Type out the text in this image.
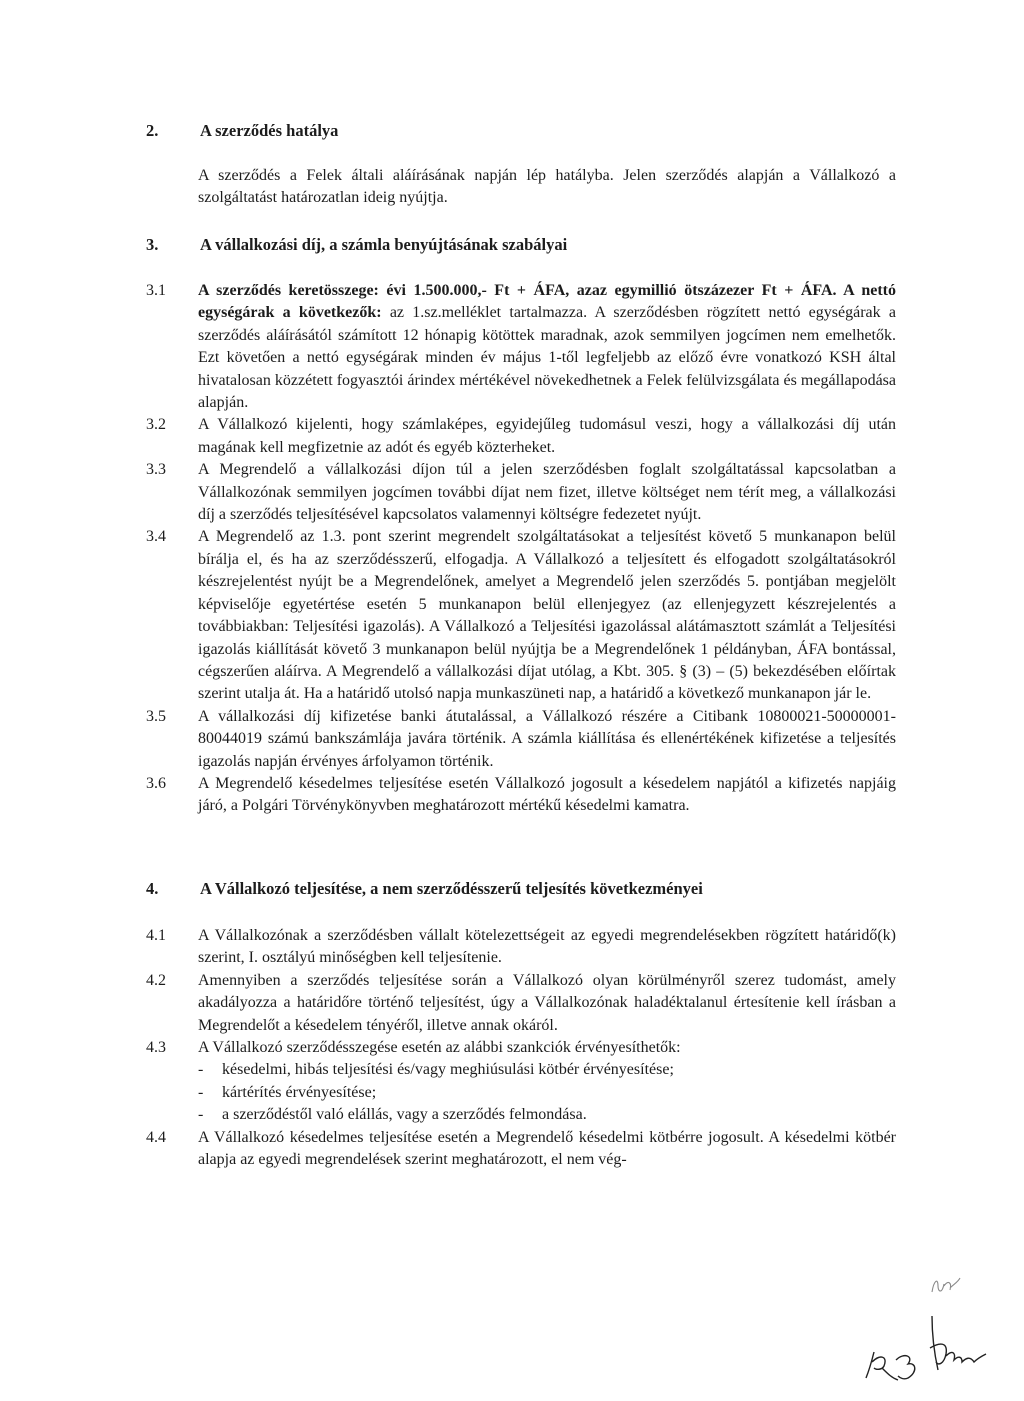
2.	A szerződés hatálya
A szerződés a Felek általi aláírásának napján lép hatályba. Jelen szerződés alapján a Vállalkozó a szolgáltatást határozatlan ideig nyújtja.
3.	A vállalkozási díj, a számla benyújtásának szabályai
3.1	A szerződés keretösszege: évi 1.500.000,- Ft + ÁFA, azaz egymillió ötszázezer Ft + ÁFA. A nettó egységárak a következők: az 1.sz.melléklet tartalmazza. A szerződésben rögzített nettó egységárak a szerződés aláírásától számított 12 hónapig kötöttek maradnak, azok semmilyen jogcímen nem emelhetők. Ezt követően a nettó egységárak minden év május 1-től legfeljebb az előző évre vonatkozó KSH által hivatalosan közzétett fogyasztói árindex mértékével növekedhetnek a Felek felülvizsgálata és megállapodása alapján.
3.2	A Vállalkozó kijelenti, hogy számlaképes, egyidejűleg tudomásul veszi, hogy a vállalkozási díj után magának kell megfizetnie az adót és egyéb közterheket.
3.3	A Megrendelő a vállalkozási díjon túl a jelen szerződésben foglalt szolgáltatással kapcsolatban a Vállalkozónak semmilyen jogcímen további díjat nem fizet, illetve költséget nem térít meg, a vállalkozási díj a szerződés teljesítésével kapcsolatos valamennyi költségre fedezetet nyújt.
3.4	A Megrendelő az 1.3. pont szerint megrendelt szolgáltatásokat a teljesítést követő 5 munkanapon belül bírálja el, és ha az szerződésszerű, elfogadja. A Vállalkozó a teljesített és elfogadott szolgáltatásokról készrejelentést nyújt be a Megrendelőnek, amelyet a Megrendelő jelen szerződés 5. pontjában megjelölt képviselője egyetértése esetén 5 munkanapon belül ellenjegyez (az ellenjegyzett készrejelentés a továbbiakban: Teljesítési igazolás). A Vállalkozó a Teljesítési igazolással alátámasztott számlát a Teljesítési igazolás kiállítását követő 3 munkanapon belül nyújtja be a Megrendelőnek 1 példányban, ÁFA bontással, cégszerűen aláírva. A Megrendelő a vállalkozási díjat utólag, a Kbt. 305. § (3) – (5) bekezdésében előírtak szerint utalja át. Ha a határidő utolsó napja munkaszüneti nap, a határidő a következő munkanapon jár le.
3.5	A vállalkozási díj kifizetése banki átutalással, a Vállalkozó részére a Citibank 10800021-50000001-80044019 számú bankszámlája javára történik. A számla kiállítása és ellenértékének kifizetése a teljesítés igazolás napján érvényes árfolyamon történik.
3.6	A Megrendelő késedelmes teljesítése esetén Vállalkozó jogosult a késedelem napjától a kifizetés napjáig járó, a Polgári Törvénykönyvben meghatározott mértékű késedelmi kamatra.
4.	A Vállalkozó teljesítése, a nem szerződésszerű teljesítés következményei
4.1	A Vállalkozónak a szerződésben vállalt kötelezettségeit az egyedi megrendelésekben rögzített határidő(k) szerint, I. osztályú minőségben kell teljesítenie.
4.2	Amennyiben a szerződés teljesítése során a Vállalkozó olyan körülményről szerez tudomást, amely akadályozza a határidőre történő teljesítést, úgy a Vállalkozónak haladéktalanul értesítenie kell írásban a Megrendelőt a késedelem tényéről, illetve annak okáról.
4.3	A Vállalkozó szerződésszegése esetén az alábbi szankciók érvényesíthetők:
-	késedelmi, hibás teljesítési és/vagy meghiúsulási kötbér érvényesítése;
-	kártérítés érvényesítése;
-	a szerződéstől való elállás, vagy a szerződés felmondása.
4.4	A Vállalkozó késedelmes teljesítése esetén a Megrendelő késedelmi kötbérre jogosult. A késedelmi kötbér alapja az egyedi megrendelések szerint meghatározott, el nem vég-
